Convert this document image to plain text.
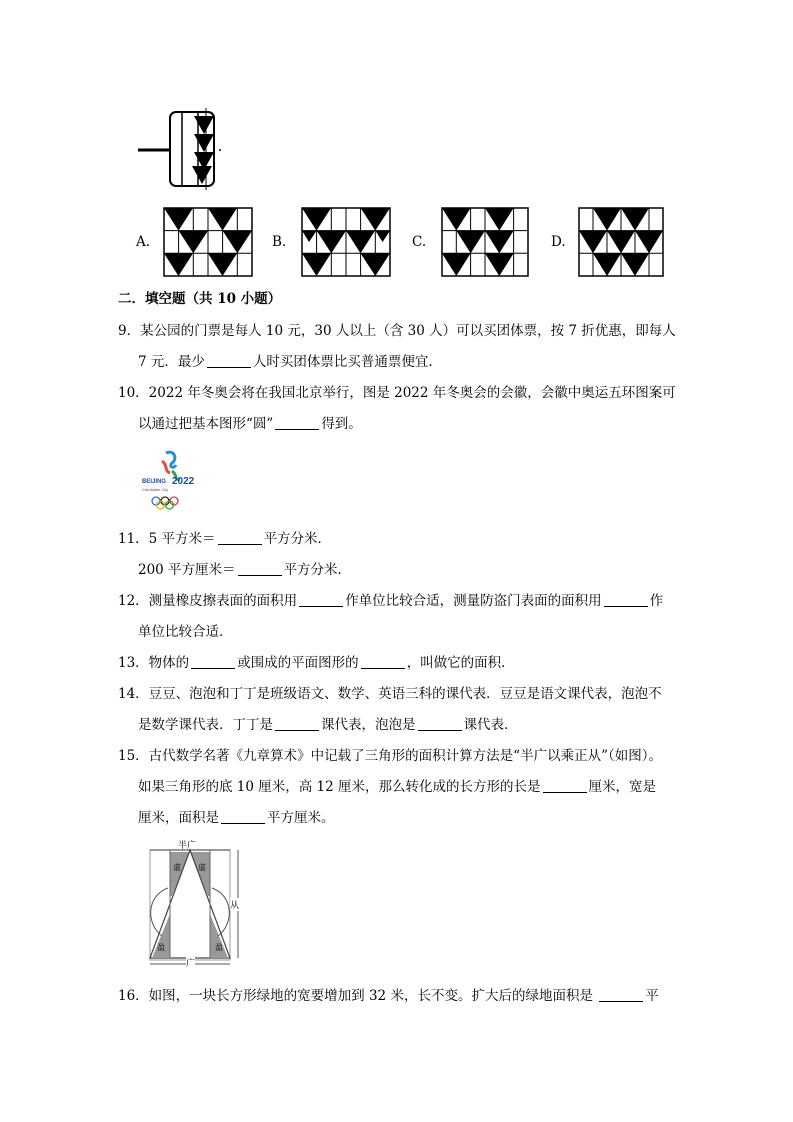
A.	B．	C.	D.
二．填空题（共 10 小题）
9．某公园的门票是每人 10 元，30 人以上（含 30 人）可以买团体票，按 7 折优惠，即每人
7 元．最少	人时买团体票比买普通票便宜．
10．2022 年冬奥会将在我国北京举行，图是 2022 年冬奥会的会徽，会徽中奥运五环图案可
以通过把基本图形“圆”	得到。
BEIJING 2022
Candidate City
11．5 平方米＝	平方分米．
200 平方厘米＝	平方分米．
12．测量橡皮擦表面的面积用	作单位比较合适，测量防盗门表面的面积用	作
单位比较合适．
13．物体的	或围成的平面图形的	，叫做它的面积．
14．豆豆、泡泡和丁丁是班级语文、数学、英语三科的课代表．豆豆是语文课代表，泡泡不
是数学课代表．丁丁是	课代表，泡泡是	课代表．
15．古代数学名著《九章算术》中记载了三角形的面积计算方法是“半广以乘正从”（如图）。
如果三角形的底 10 厘米，高 12 厘米，那么转化成的长方形的长是	厘米，宽是
厘米，面积是	平方厘米。
半广
虚 虚
从
盈	盈
广
16．如图，一块长方形绿地的宽要增加到 32 米，长不变。扩大后的绿地面积是	平
